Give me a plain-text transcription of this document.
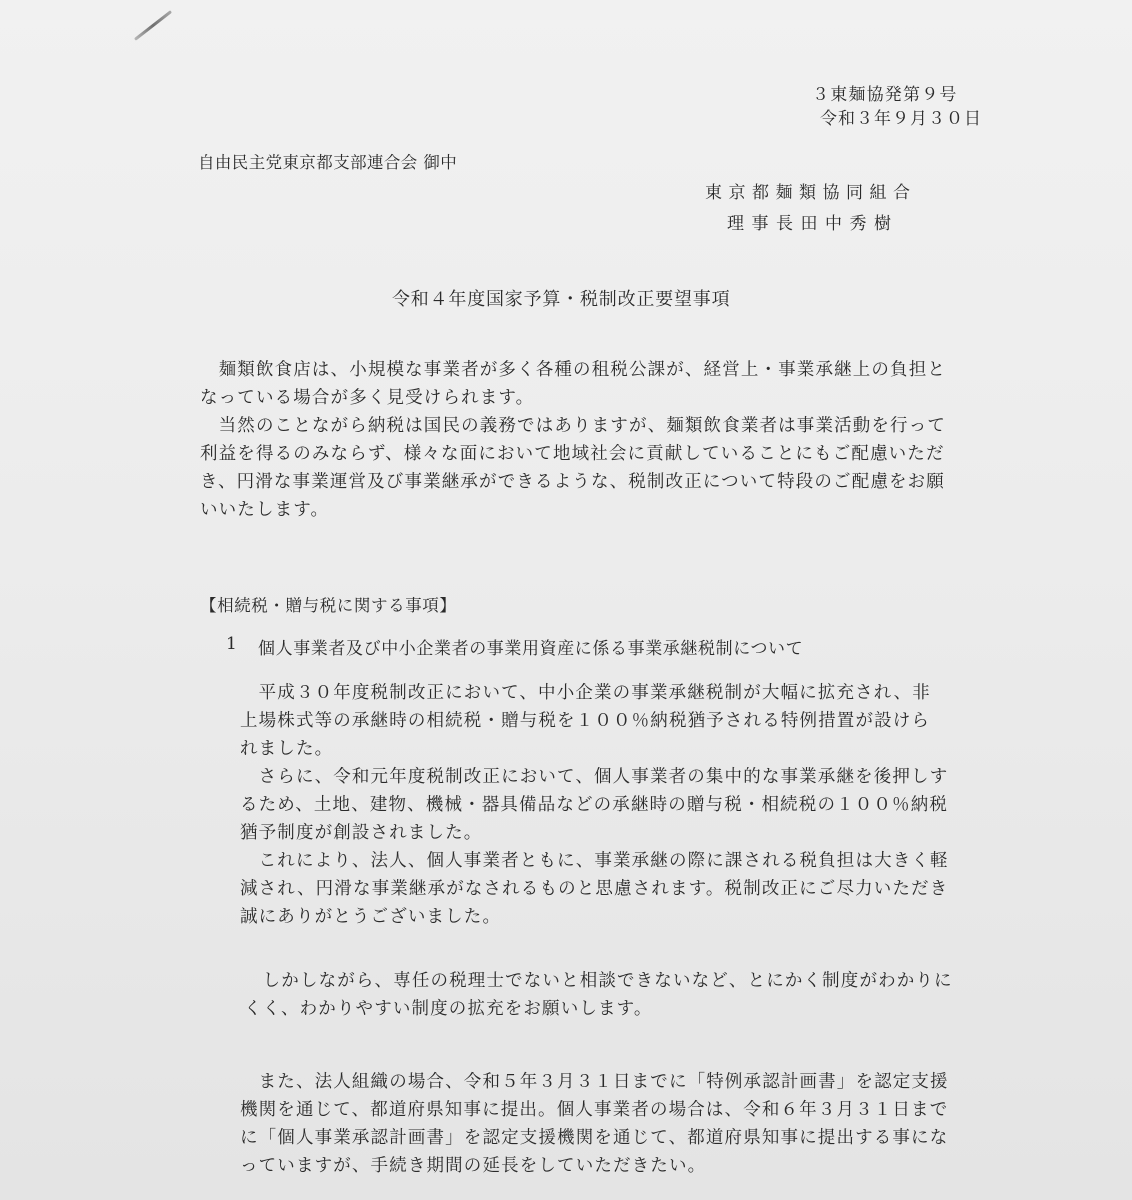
３東麺協発第９号
令和３年９月３０日
自由民主党東京都支部連合会 御中
東京都麺類協同組合
理事長田中秀樹
令和４年度国家予算・税制改正要望事項
　麺類飲食店は、小規模な事業者が多く各種の租税公課が、経営上・事業承継上の負担と
なっている場合が多く見受けられます。
　当然のことながら納税は国民の義務ではありますが、麺類飲食業者は事業活動を行って
利益を得るのみならず、様々な面において地域社会に貢献していることにもご配慮いただ
き、円滑な事業運営及び事業継承ができるような、税制改正について特段のご配慮をお願
いいたします。
【相続税・贈与税に関する事項】
1 個人事業者及び中小企業者の事業用資産に係る事業承継税制について
　平成３０年度税制改正において、中小企業の事業承継税制が大幅に拡充され、非
上場株式等の承継時の相続税・贈与税を１００％納税猶予される特例措置が設けら
れました。
　さらに、令和元年度税制改正において、個人事業者の集中的な事業承継を後押しす
るため、土地、建物、機械・器具備品などの承継時の贈与税・相続税の１００％納税
猶予制度が創設されました。
　これにより、法人、個人事業者ともに、事業承継の際に課される税負担は大きく軽
減され、円滑な事業継承がなされるものと思慮されます。税制改正にご尽力いただき
誠にありがとうございました。
　しかしながら、専任の税理士でないと相談できないなど、とにかく制度がわかりに
くく、わかりやすい制度の拡充をお願いします。
　また、法人組織の場合、令和５年３月３１日までに「特例承認計画書」を認定支援
機関を通じて、都道府県知事に提出。個人事業者の場合は、令和６年３月３１日まで
に「個人事業承認計画書」を認定支援機関を通じて、都道府県知事に提出する事にな
っていますが、手続き期間の延長をしていただきたい。
